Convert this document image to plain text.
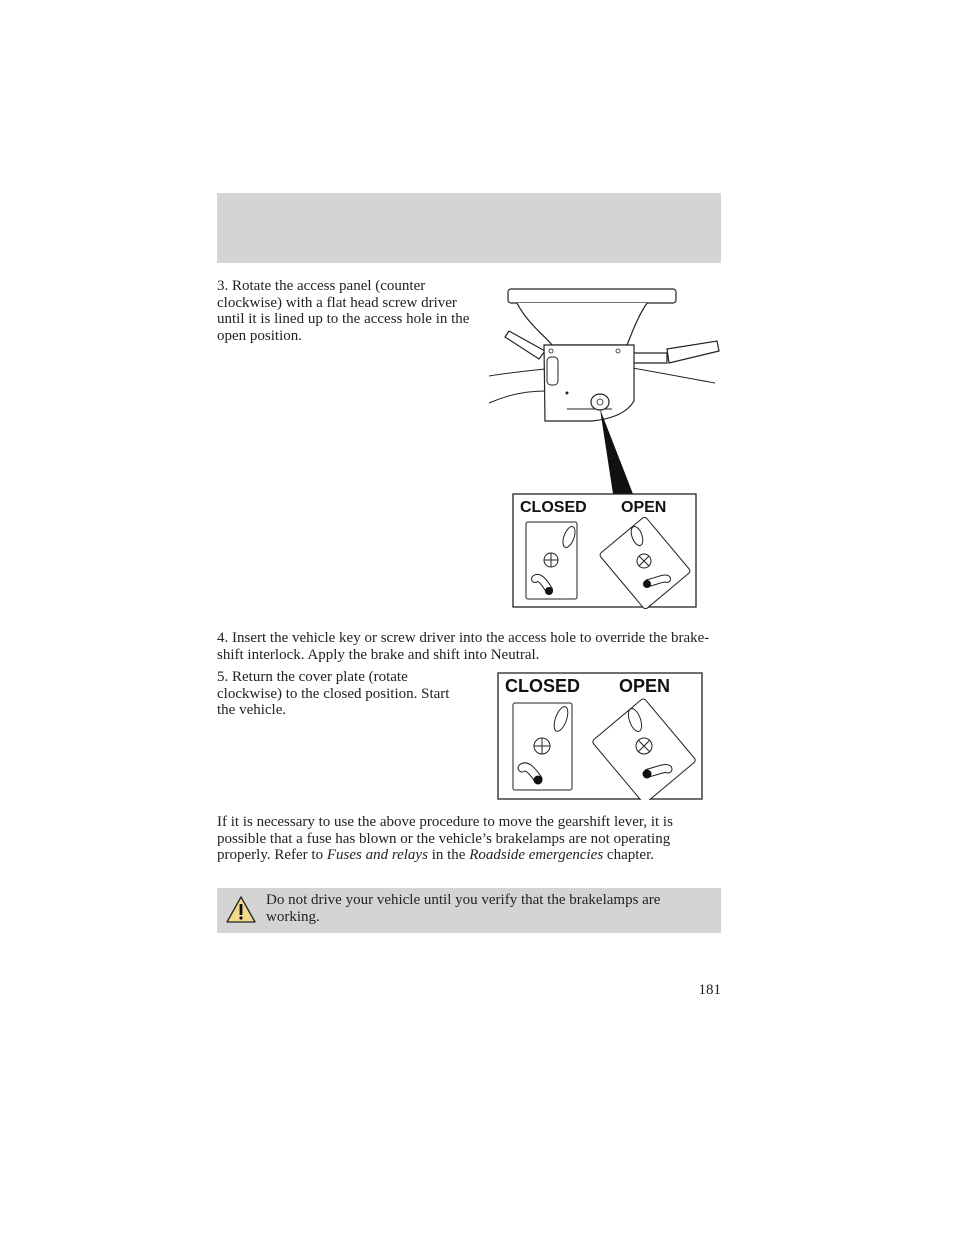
3. Rotate the access panel (counter clockwise) with a flat head screw driver until it is lined up to the access hole in the open position.
CLOSED OPEN
4. Insert the vehicle key or screw driver into the access hole to override the brake-shift interlock. Apply the brake and shift into Neutral.
5. Return the cover plate (rotate clockwise) to the closed position. Start the vehicle.
CLOSED OPEN
If it is necessary to use the above procedure to move the gearshift lever, it is possible that a fuse has blown or the vehicle’s brakelamps are not operating properly. Refer to Fuses and relays in the Roadside emergencies chapter.
Do not drive your vehicle until you verify that the brakelamps are working.
181
